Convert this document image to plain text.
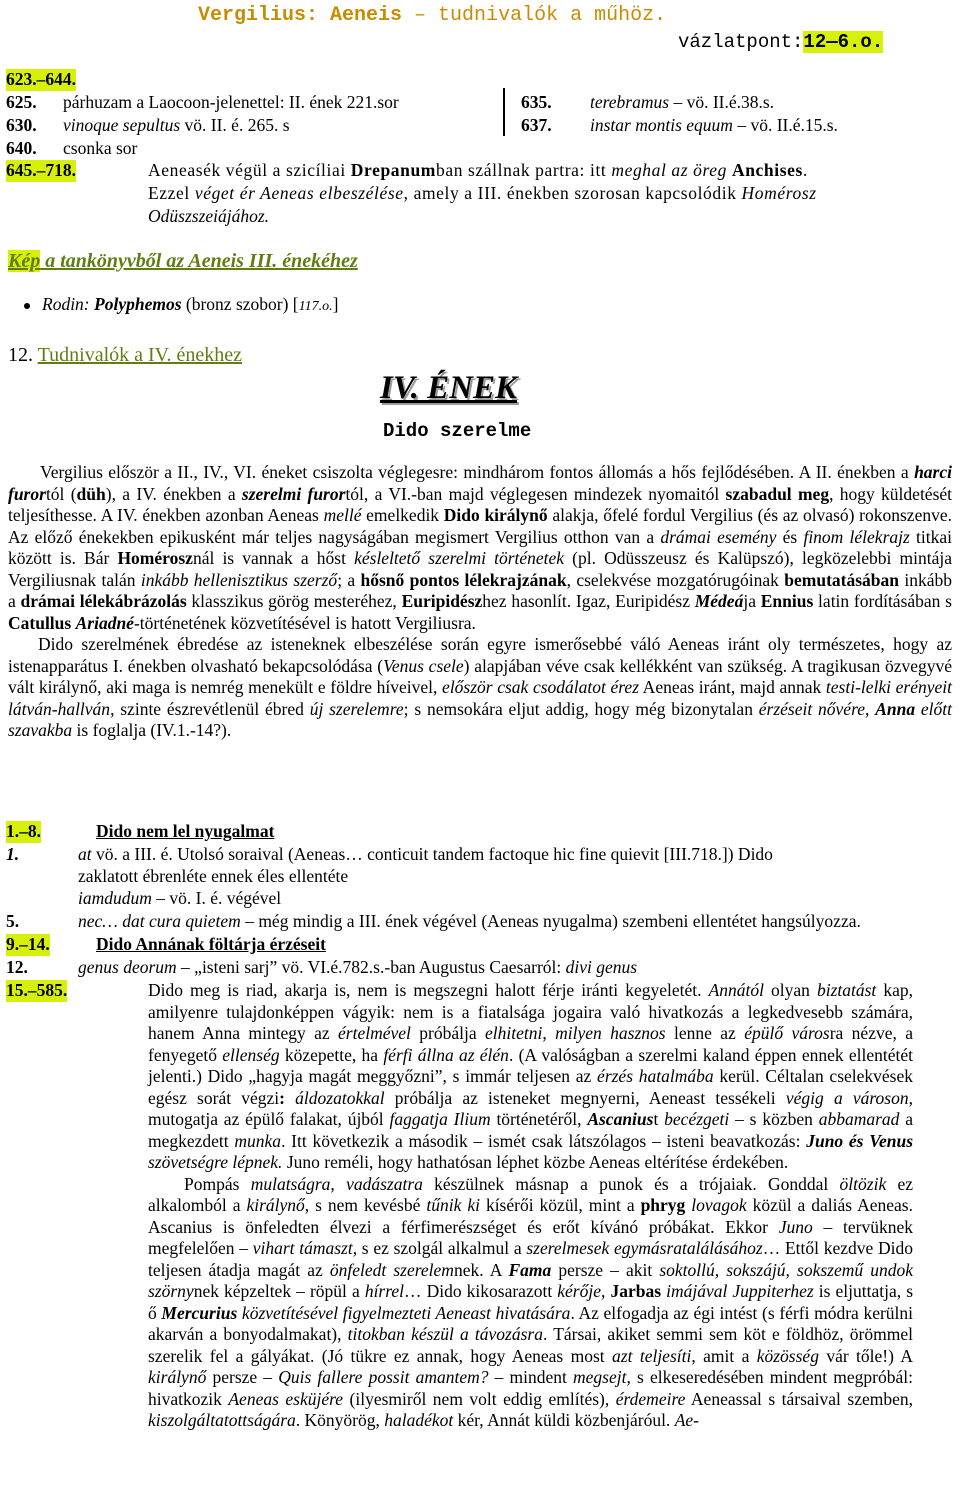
Vergilius: Aeneis – tudnivalók a műhöz.
vázlatpont:12—6.o.
623.–644.
625. párhuzam a Laocoon-jelenettel: II. ének 221.sor
630. vinoque sepultus vö. II. é. 265. s
640. csonka sor
635. terebramus – vö. II.é.38.s.
637. instar montis equum – vö. II.é.15.s.
645.–718.	Aeneasék végül a szicíliai Drepanumban szállnak partra: itt meghal az öreg Anchises.
Ezzel véget ér Aeneas elbeszélése, amely a III. énekben szorosan kapcsolódik Homérosz
Odüszszeiájához.
Kép a tankönyvből az Aeneis III. énekéhez
Rodin: Polyphemos (bronz szobor) [117.o.]
12. Tudnivalók a IV. énekhez
IV. ÉNEK
Dido szerelme

Vergilius először a II., IV., VI. éneket csiszolta véglegesre: mindhárom fontos állomás a hős fejlődésében. A II. énekben a harci furortól (düh), a IV. énekben a szerelmi furortól, a VI.-ban majd véglegesen mindezek nyomaitól szabadul meg, hogy küldetését teljesíthesse. A IV. énekben azonban Aeneas mellé emelkedik Dido királynő alakja, őfelé fordul Vergilius (és az olvasó) rokonszenve. Az előző énekekben epikusként már teljes nagyságában megismert Vergilius otthon van a drámai esemény és finom lélekrajz titkai között is. Bár Homérosznál is vannak a hőst késleltető szerelmi történetek (pl. Odüsszeusz és Kalüpszó), legközelebbi mintája Vergiliusnak talán inkább hellenisztikus szerző; a hősnő pontos lélekrajzának, cselekvése mozgatórugóinak bemutatásában inkább a drámai lélekábrázolás klasszikus görög mesteréhez, Euripidészhez hasonlít. Igaz, Euripidész Médeája Ennius latin fordításában s Catullus Ariadné-történetének közvetítésével is hatott Vergiliusra.

Dido szerelmének ébredése az isteneknek elbeszélése során egyre ismerősebbé váló Aeneas iránt oly természetes, hogy az istenapparátus I. énekben olvasható bekapcsolódása (Venus csele) alapjában véve csak kellékként van szükség. A tragikusan özvegyvé vált királynő, aki maga is nemrég menekült e földre híveivel, először csak csodálatot érez Aeneas iránt, majd annak testi-lelki erényeit látván-hallván, szinte észrevétlenül ébred új szerelemre; s nemsokára eljut addig, hogy még bizonytalan érzéseit nővére, Anna előtt szavakba is foglalja (IV.1.-14?).

1.–8.	Dido nem lel nyugalmat
1.	at vö. a III. é. Utolsó soraival (Aeneas… conticuit tandem factoque hic fine quievit [III.718.]) Dido
zaklatott ébrenléte ennek éles ellentéte
iamdudum – vö. I. é. végével
5.	nec… dat cura quietem – még mindig a III. ének végével (Aeneas nyugalma) szembeni ellentétet hangsúlyozza.
9.–14.	Dido Annának föltárja érzéseit
12.	genus deorum – „isteni sarj” vö. VI.é.782.s.-ban Augustus Caesarról: divi genus
15.–585.	Dido meg is riad, akarja is, nem is megszegni halott férje iránti kegyeletét. Annától olyan biztatást kap, amilyenre tulajdonképpen vágyik: nem is a fiatalsága jogaira való hivatkozás a legkedvesebb számára, hanem Anna mintegy az értelmével próbálja elhitetni, milyen hasznos lenne az épülő városra nézve, a fenyegető ellenség közepette, ha férfi állna az élén. (A valóságban a szerelmi kaland éppen ennek ellentétét jelenti.) Dido „hagyja magát meggyőzni”, s immár teljesen az érzés hatalmába kerül. Céltalan cselekvések egész sorát végzi: áldozatokkal próbálja az isteneket megnyerni, Aeneast tessékeli végig a városon, mutogatja az épülő falakat, újból faggatja Ilium történetéről, Ascaniust becézgeti – s közben abbamarad a megkezdett munka. Itt következik a második – ismét csak látszólagos – isteni beavatkozás: Juno és Venus szövetségre lépnek. Juno reméli, hogy hathatósan léphet közbe Aeneas eltérítése érdekében.

Pompás mulatságra, vadászatra készülnek másnap a punok és a trójaiak. Gonddal öltözik ez alkalomból a királynő, s nem kevésbé tűnik ki kísérői közül, mint a phryg lovagok közül a daliás Aeneas. Ascanius is önfeledten élvezi a férfimerészséget és erőt kívánó próbákat. Ekkor Juno – tervüknek megfelelően – vihart támaszt, s ez szolgál alkalmul a szerelmesek egymásratalálásához… Ettől kezdve Dido teljesen átadja magát az önfeledt szerelemnek. A Fama persze – akit soktollú, sokszájú, sokszemű undok szörnynek képzeltek – röpül a hírrel… Dido kikosarazott kérője, Jarbas imájával Juppiterhez is eljuttatja, s ő Mercurius közvetítésével figyelmezteti Aeneast hivatására. Az elfogadja az égi intést (s férfi módra kerülni akarván a bonyodalmakat), titokban készül a távozásra. Társai, akiket semmi sem köt e földhöz, örömmel szerelik fel a gályákat. (Jó tükre ez annak, hogy Aeneas most azt teljesíti, amit a közösség vár tőle!) A királynő persze – Quis fallere possit amantem? – mindent megsejt, s elkeseredésében mindent megpróbál: hivatkozik Aeneas esküjére (ilyesmiről nem volt eddig említés), érdemeire Aeneassal s társaival szemben, kiszolgáltatottságára. Könyörög, haladékot kér, Annát küldi közbenjáróul. Ae-
